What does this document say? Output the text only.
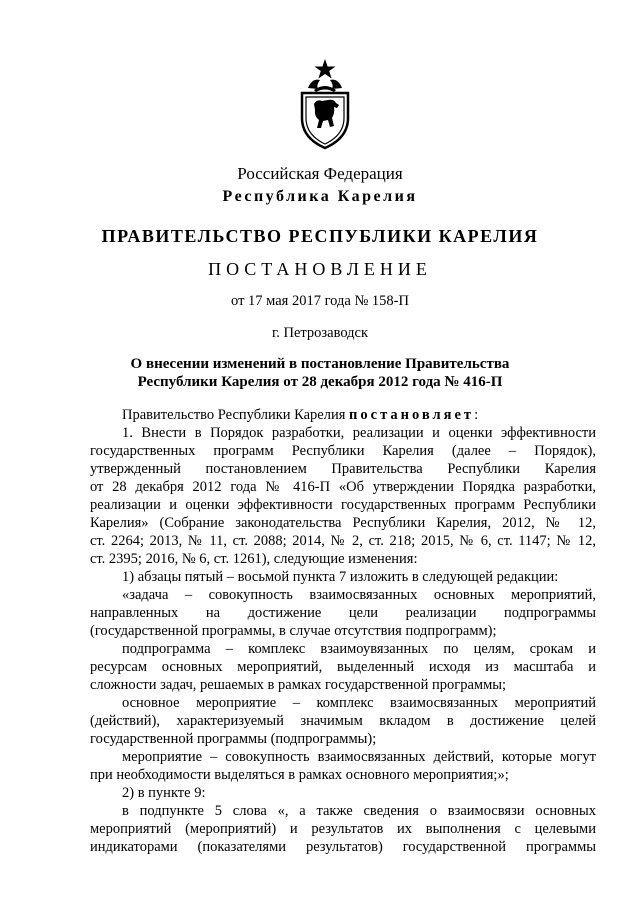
Российская Федерация
Республика Карелия
ПРАВИТЕЛЬСТВО РЕСПУБЛИКИ КАРЕЛИЯ
ПОСТАНОВЛЕНИЕ
от 17 мая 2017 года № 158-П
г. Петрозаводск
О внесении изменений в постановление Правительства
Республики Карелия от 28 декабря 2012 года № 416-П

Правительство Республики Карелия постановляет:

1. Внести в Порядок разработки, реализации и оценки эффективности

государственных программ Республики Карелия (далее – Порядок),

утвержденный постановлением Правительства Республики Карелия

от 28 декабря 2012 года № 416-П «Об утверждении Порядка разработки,

реализации и оценки эффективности государственных программ Республики

Карелия» (Собрание законодательства Республики Карелия, 2012, № 12,

ст. 2264; 2013, № 11, ст. 2088; 2014, № 2, ст. 218; 2015, № 6, ст. 1147; № 12,

ст. 2395; 2016, № 6, ст. 1261), следующие изменения:

1) абзацы пятый – восьмой пункта 7 изложить в следующей редакции:

«задача – совокупность взаимосвязанных основных мероприятий,

направленных на достижение цели реализации подпрограммы

(государственной программы, в случае отсутствия подпрограмм);

подпрограмма – комплекс взаимоувязанных по целям, срокам и

ресурсам основных мероприятий, выделенный исходя из масштаба и

сложности задач, решаемых в рамках государственной программы;

основное мероприятие – комплекс взаимосвязанных мероприятий

(действий), характеризуемый значимым вкладом в достижение целей

государственной программы (подпрограммы);

мероприятие – совокупность взаимосвязанных действий, которые могут

при необходимости выделяться в рамках основного мероприятия;»;

2) в пункте 9:

в подпункте 5 слова «, а также сведения о взаимосвязи основных

мероприятий (мероприятий) и результатов их выполнения с целевыми

индикаторами (показателями результатов) государственной программы
